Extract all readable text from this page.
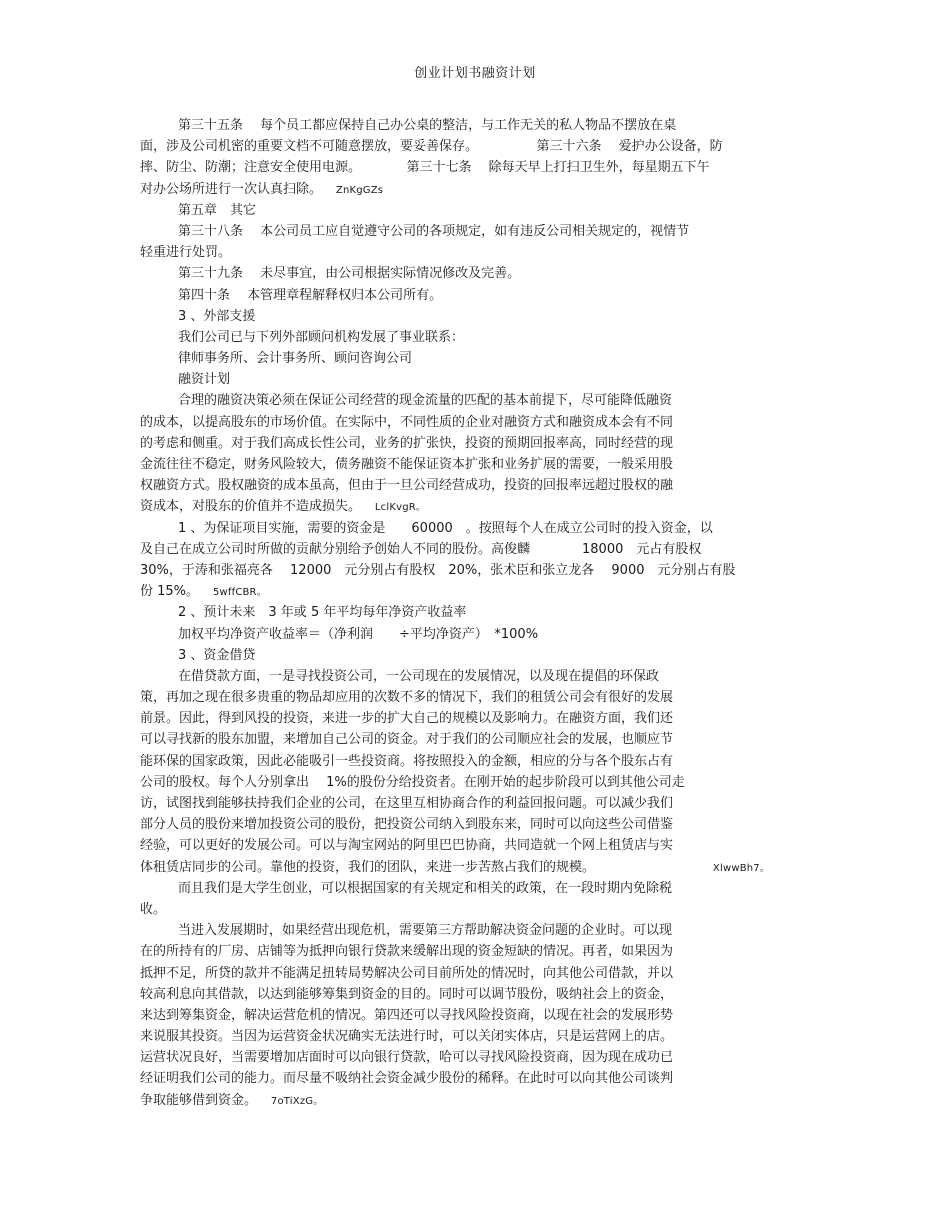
创业计划书融资计划
第三十五条　 每个员工都应保持自己办公桌的整洁，与工作无关的私人物品不摆放在桌
面，涉及公司机密的重要文档不可随意摆放，要妥善保存。　　　　　第三十六条　 爱护办公设备，防
摔、防尘、防潮；注意安全使用电源。　　　　第三十七条　 除每天早上打扫卫生外，每星期五下午
对办公场所进行一次认真扫除。　　ZnKgGZs
第五章　其它
第三十八条　 本公司员工应自觉遵守公司的各项规定，如有违反公司相关规定的，视情节
轻重进行处罚。
第三十九条　 未尽事宜，由公司根据实际情况修改及完善。
第四十条　 本管理章程解释权归本公司所有。
3 、外部支援
我们公司已与下列外部顾问机构发展了事业联系：
律师事务所、会计事务所、顾问咨询公司
融资计划
合理的融资决策必须在保证公司经营的现金流量的匹配的基本前提下，尽可能降低融资
的成本，以提高股东的市场价值。在实际中，不同性质的企业对融资方式和融资成本会有不同
的考虑和侧重。对于我们高成长性公司，业务的扩张快，投资的预期回报率高，同时经营的现
金流往往不稳定，财务风险较大，债务融资不能保证资本扩张和业务扩展的需要，一般采用股
权融资方式。股权融资的成本虽高，但由于一旦公司经营成功，投资的回报率远超过股权的融
资成本，对股东的价值并不造成损失。　　LclKvgR。
1 、为保证项目实施，需要的资金是　　60000　。按照每个人在成立公司时的投入资金，以
及自己在成立公司时所做的贡献分别给予创始人不同的股份。高俊麟　　　　18000　元占有股权
30%，于涛和张福亮各　 12000　元分别占有股权　20%，张术臣和张立龙各　 9000　元分别占有股
份 15%。　　5wffCBR。
2 、预计未来　3 年或 5 年平均每年净资产收益率
加权平均净资产收益率＝（净利润　　÷平均净资产）　*100%
3 、资金借贷
在借贷款方面，一是寻找投资公司，一公司现在的发展情况，以及现在提倡的环保政
策，再加之现在很多贵重的物品却应用的次数不多的情况下，我们的租赁公司会有很好的发展
前景。因此，得到风投的投资，来进一步的扩大自己的规模以及影响力。在融资方面，我们还
可以寻找新的股东加盟，来增加自己公司的资金。对于我们的公司顺应社会的发展，也顺应节
能环保的国家政策，因此必能吸引一些投资商。将按照投入的金额，相应的分与各个股东占有
公司的股权。每个人分别拿出　 1%的股份分给投资者。在刚开始的起步阶段可以到其他公司走
访，试图找到能够扶持我们企业的公司，在这里互相协商合作的利益回报问题。可以减少我们
部分人员的股份来增加投资公司的股份，把投资公司纳入到股东来，同时可以向这些公司借鉴
经验，可以更好的发展公司。可以与淘宝网站的阿里巴巴协商，共同造就一个网上租赁店与实
体租赁店同步的公司。靠他的投资，我们的团队，来进一步苦熬占我们的规模。　　　　　　　　　　XlwwBh7。
而且我们是大学生创业，可以根据国家的有关规定和相关的政策，在一段时期内免除税
收。
当进入发展期时，如果经营出现危机，需要第三方帮助解决资金问题的企业时。可以现
在的所持有的厂房、店铺等为抵押向银行贷款来缓解出现的资金短缺的情况。再者，如果因为
抵押不足，所贷的款并不能满足扭转局势解决公司目前所处的情况时，向其他公司借款，并以
较高利息向其借款，以达到能够筹集到资金的目的。同时可以调节股份，吸纳社会上的资金，
来达到筹集资金，解决运营危机的情况。第四还可以寻找风险投资商，以现在社会的发展形势
来说服其投资。当因为运营资金状况确实无法进行时，可以关闭实体店，只是运营网上的店。
运营状况良好，当需要增加店面时可以向银行贷款，哈可以寻找风险投资商，因为现在成功已
经证明我们公司的能力。而尽量不吸纳社会资金减少股份的稀释。在此时可以向其他公司谈判
争取能够借到资金。　　7oTiXzG。
